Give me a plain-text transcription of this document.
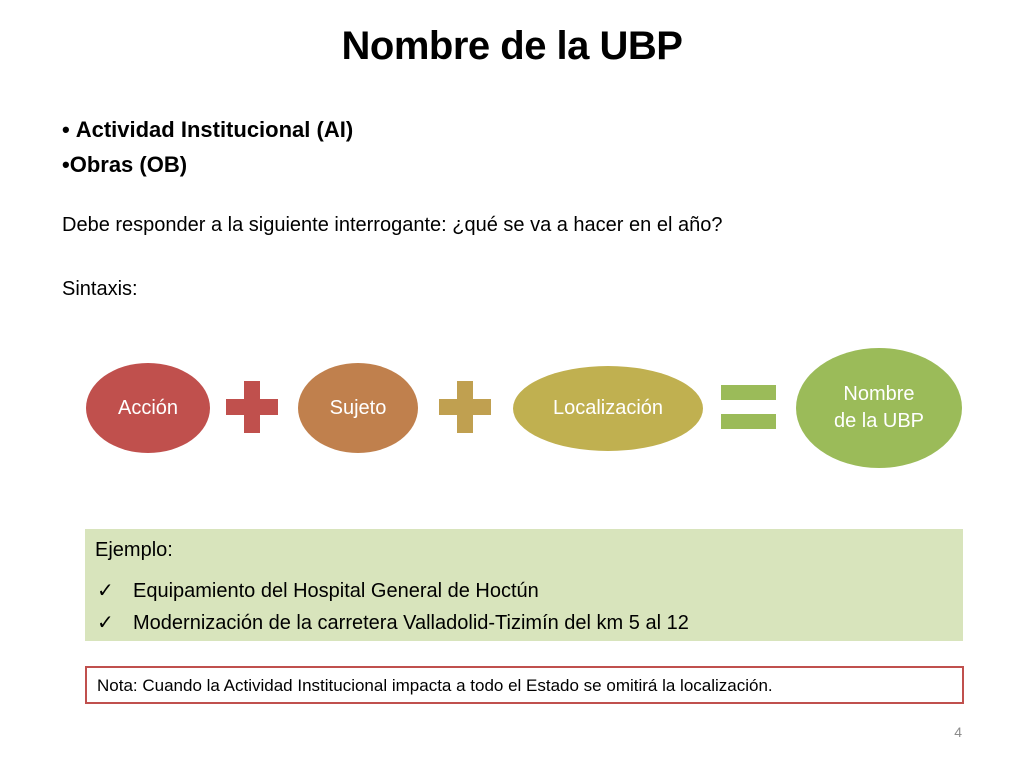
Nombre de la UBP
• Actividad Institucional (AI)
•Obras (OB)
Debe responder a la siguiente interrogante: ¿qué se va a hacer en el año?
Sintaxis:
Acción	Sujeto	Localización
Nombre
de la UBP
Ejemplo:
✓ Equipamiento del Hospital General de Hoctún
✓ Modernización de la carretera Valladolid-Tizimín del km 5 al 12
Nota: Cuando la Actividad Institucional impacta a todo el Estado se omitirá la localización.
4
